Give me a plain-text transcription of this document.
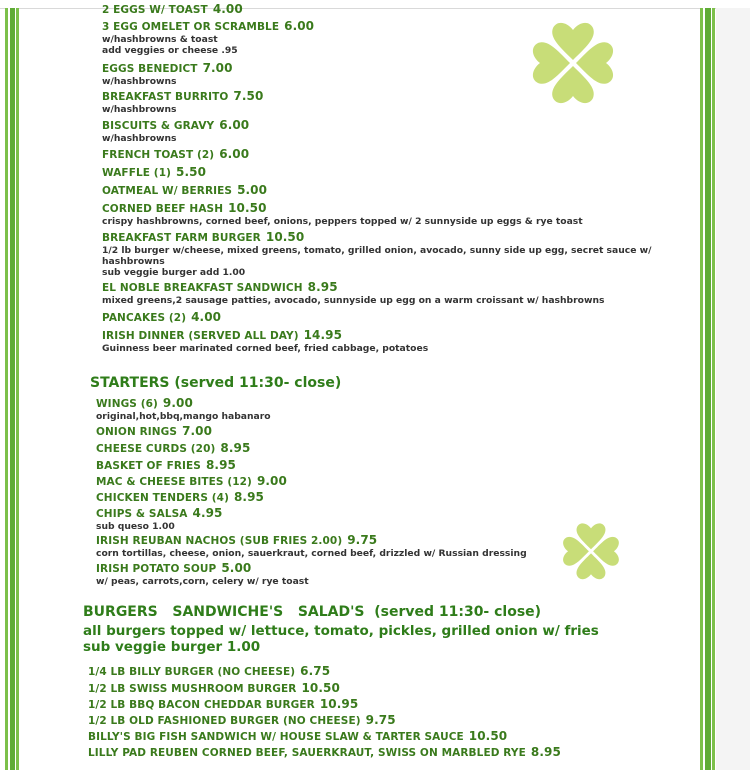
2 EGGS W/ TOAST 4.00
3 EGG OMELET OR SCRAMBLE 6.00
w/hashbrowns & toast
add veggies or cheese .95
EGGS BENEDICT 7.00
w/hashbrowns
BREAKFAST BURRITO 7.50
w/hashbrowns
BISCUITS & GRAVY 6.00
w/hashbrowns
FRENCH TOAST (2) 6.00
WAFFLE (1) 5.50
OATMEAL W/ BERRIES 5.00
CORNED BEEF HASH 10.50
crispy hashbrowns, corned beef, onions, peppers topped w/ 2 sunnyside up eggs & rye toast
BREAKFAST FARM BURGER 10.50
1/2 lb burger w/cheese, mixed greens, tomato, grilled onion, avocado, sunny side up egg, secret sauce w/
hashbrowns
sub veggie burger add 1.00
EL NOBLE BREAKFAST SANDWICH 8.95
mixed greens,2 sausage patties, avocado, sunnyside up egg on a warm croissant w/ hashbrowns
PANCAKES (2) 4.00
IRISH DINNER (SERVED ALL DAY) 14.95
Guinness beer marinated corned beef, fried cabbage, potatoes
STARTERS (served 11:30- close)
WINGS (6) 9.00
original,hot,bbq,mango habanaro
ONION RINGS 7.00
CHEESE CURDS (20) 8.95
BASKET OF FRIES 8.95
MAC & CHEESE BITES (12) 9.00
CHICKEN TENDERS (4) 8.95
CHIPS & SALSA 4.95
sub queso 1.00
IRISH REUBAN NACHOS (SUB FRIES 2.00) 9.75
corn tortillas, cheese, onion, sauerkraut, corned beef, drizzled w/ Russian dressing
IRISH POTATO SOUP 5.00
w/ peas, carrots,corn, celery w/ rye toast
BURGERS   SANDWICHE'S   SALAD'S  (served 11:30- close)
all burgers topped w/ lettuce, tomato, pickles, grilled onion w/ fries
sub veggie burger 1.00
1/4 LB BILLY BURGER (NO CHEESE) 6.75
1/2 LB SWISS MUSHROOM BURGER 10.50
1/2 LB BBQ BACON CHEDDAR BURGER 10.95
1/2 LB OLD FASHIONED BURGER (NO CHEESE) 9.75
BILLY'S BIG FISH SANDWICH W/ HOUSE SLAW & TARTER SAUCE 10.50
LILLY PAD REUBEN CORNED BEEF, SAUERKRAUT, SWISS ON MARBLED RYE 8.95
